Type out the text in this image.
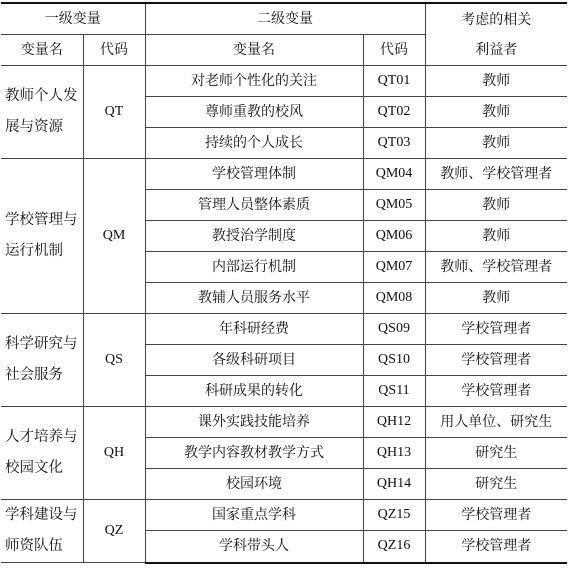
一级变量		二级变量		考虑的相关
利益者

变量名	代码	变量名	代码	

教师个人发
展与资源	QT	对老师个性化的关注	QT01	教师
		尊师重教的校风	QT02	教师
		持续的个人成长	QT03	教师

学校管理与
运行机制	QM	学校管理体制	QM04	教师、学校管理者
		管理人员整体素质	QM05	教师
		教授治学制度	QM06	教师
		内部运行机制	QM07	教师、学校管理者
		教辅人员服务水平	QM08	教师

科学研究与
社会服务	QS	年科研经费	QS09	学校管理者
		各级科研项目	QS10	学校管理者
		科研成果的转化	QS11	学校管理者

人才培养与
校园文化	QH	课外实践技能培养	QH12	用人单位、研究生
		教学内容教材教学方式	QH13	研究生
		校园环境	QH14	研究生

学科建设与
师资队伍	QZ	国家重点学科	QZ15	学校管理者
		学科带头人	QZ16	学校管理者
